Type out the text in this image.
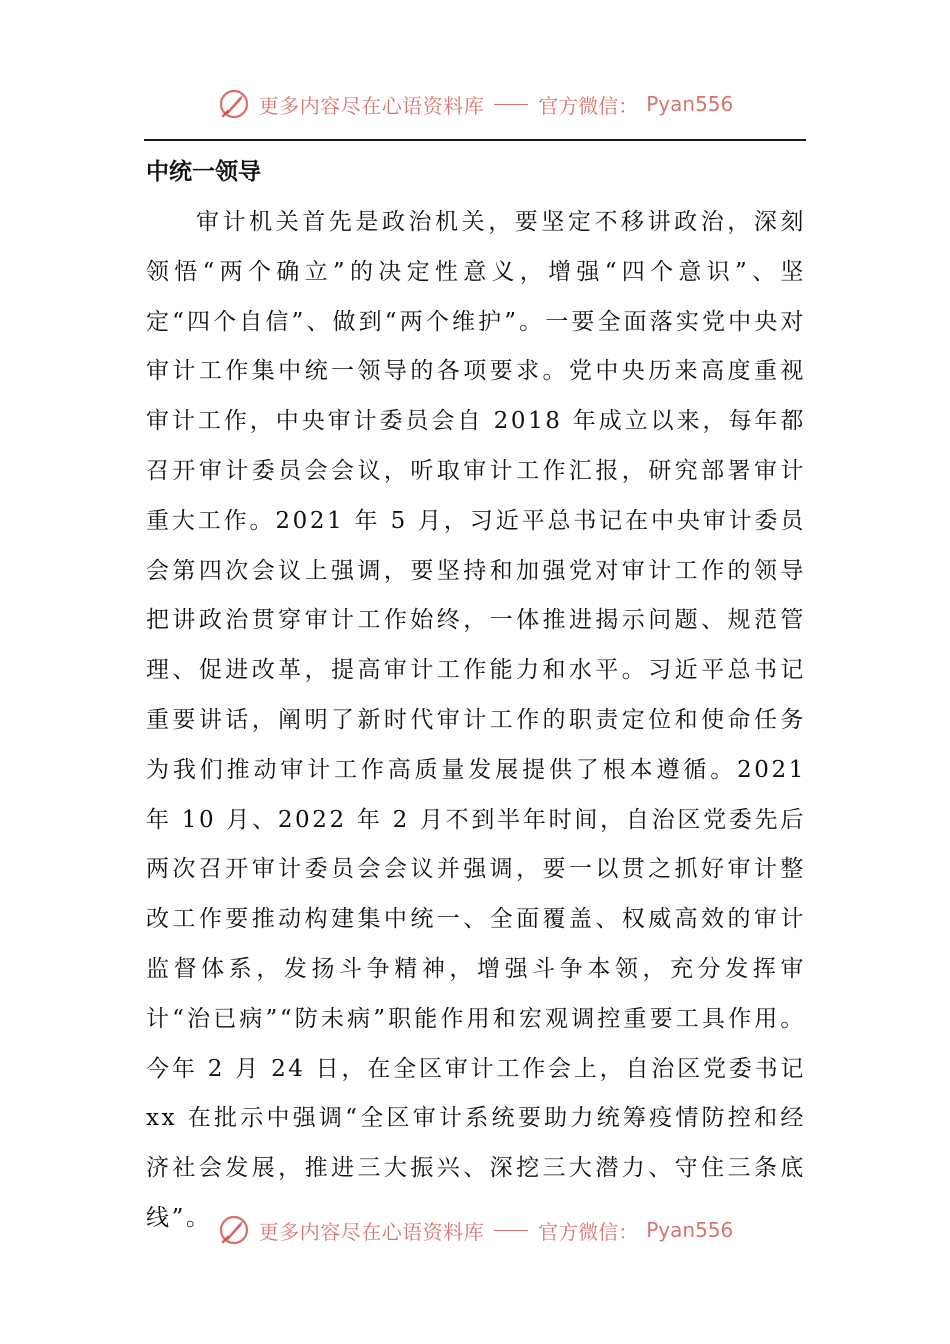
更多内容尽在心语资料库	官方微信： Pyan556
中统一领导

审计机关首先是政治机关，要坚定不移讲政治，深刻领悟“两个确立”的决定性意义，增强“四个意识”、坚定“四个自信”、做到“两个维护”。一要全面落实党中央对审计工作集中统一领导的各项要求。党中央历来高度重视审计工作，中央审计委员会自 2018 年成立以来，每年都召开审计委员会会议，听取审计工作汇报，研究部署审计重大工作。2021 年 5 月，习近平总书记在中央审计委员会第四次会议上强调，要坚持和加强党对审计工作的领导把讲政治贯穿审计工作始终，一体推进揭示问题、规范管理、促进改革，提高审计工作能力和水平。习近平总书记重要讲话，阐明了新时代审计工作的职责定位和使命任务为我们推动审计工作高质量发展提供了根本遵循。2021 年 10 月、2022 年 2 月不到半年时间，自治区党委先后两次召开审计委员会会议并强调，要一以贯之抓好审计整改工作要推动构建集中统一、全面覆盖、权威高效的审计监督体系，发扬斗争精神，增强斗争本领，充分发挥审计“治已病”“防未病”职能作用和宏观调控重要工具作用。今年 2 月 24 日，在全区审计工作会上，自治区党委书记 xx 在批示中强调“全区审计系统要助力统筹疫情防控和经济社会发展，推进三大振兴、深挖三大潜力、守住三条底线”。

更多内容尽在心语资料库	官方微信： Pyan556
